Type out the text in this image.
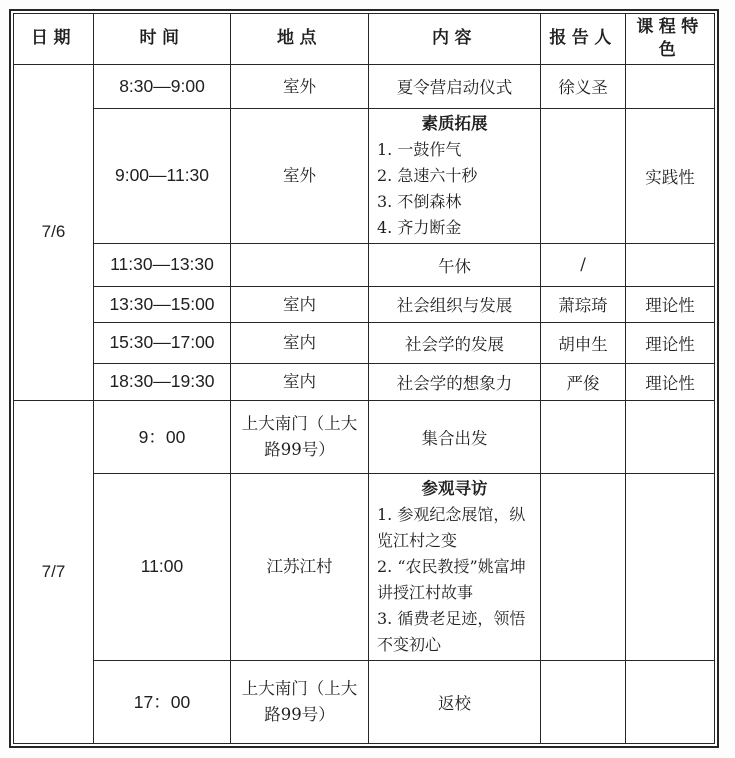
日期	时间	地点	内容	报告人	课程特色
7/6	8:30—9:00	室外	夏令营启动仪式	徐义圣	
	9:00—11:30	室外	素质拓展
1. 一鼓作气
2. 急速六十秒
3. 不倒森林
4. 齐力断金		实践性
	11:30—13:30		午休	/	
	13:30—15:00	室内	社会组织与发展	萧琮琦	理论性
	15:30—17:00	室内	社会学的发展	胡申生	理论性
	18:30—19:30	室内	社会学的想象力	严俊	理论性
7/7	9：00	上大南门（上大路99号）	集合出发		
	11:00	江苏江村	参观寻访
1. 参观纪念展馆，纵览江村之变
2. “农民教授”姚富坤讲授江村故事
3. 循费老足迹，领悟不变初心		

	17：00	上大南门（上大路99号）	返校		
